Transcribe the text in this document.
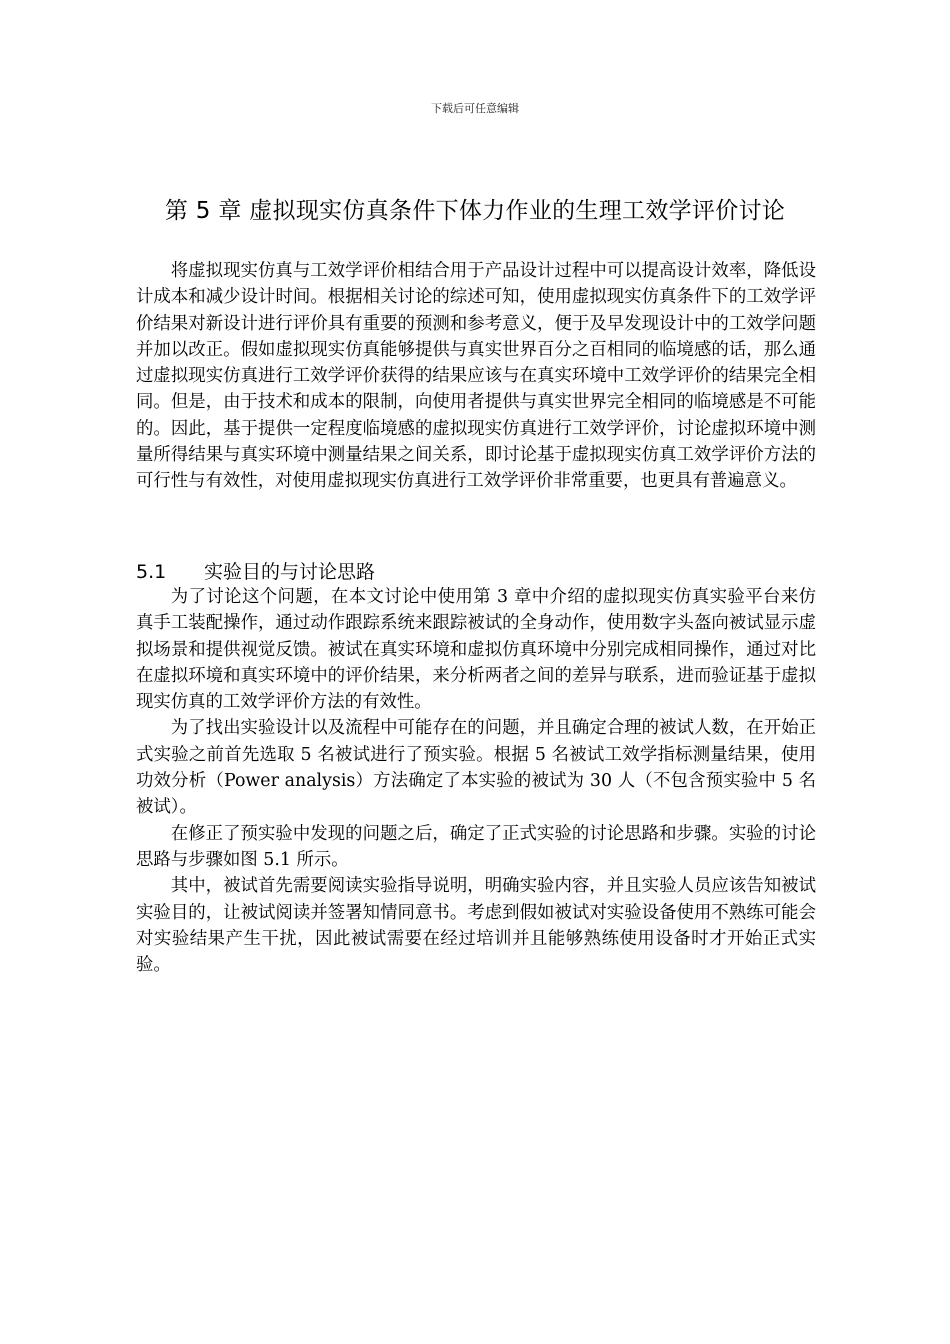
下载后可任意编辑
第 5 章 虚拟现实仿真条件下体力作业的生理工效学评价讨论

将虚拟现实仿真与工效学评价相结合用于产品设计过程中可以提高设计效率，降低设计成本和减少设计时间。根据相关讨论的综述可知，使用虚拟现实仿真条件下的工效学评价结果对新设计进行评价具有重要的预测和参考意义，便于及早发现设计中的工效学问题并加以改正。假如虚拟现实仿真能够提供与真实世界百分之百相同的临境感的话，那么通过虚拟现实仿真进行工效学评价获得的结果应该与在真实环境中工效学评价的结果完全相同。但是，由于技术和成本的限制，向使用者提供与真实世界完全相同的临境感是不可能的。因此，基于提供一定程度临境感的虚拟现实仿真进行工效学评价，讨论虚拟环境中测量所得结果与真实环境中测量结果之间关系，即讨论基于虚拟现实仿真工效学评价方法的可行性与有效性，对使用虚拟现实仿真进行工效学评价非常重要，也更具有普遍意义。

5.1 实验目的与讨论思路

为了讨论这个问题，在本文讨论中使用第 3 章中介绍的虚拟现实仿真实验平台来仿真手工装配操作，通过动作跟踪系统来跟踪被试的全身动作，使用数字头盔向被试显示虚拟场景和提供视觉反馈。被试在真实环境和虚拟仿真环境中分别完成相同操作，通过对比在虚拟环境和真实环境中的评价结果，来分析两者之间的差异与联系，进而验证基于虚拟现实仿真的工效学评价方法的有效性。

为了找出实验设计以及流程中可能存在的问题，并且确定合理的被试人数，在开始正式实验之前首先选取 5 名被试进行了预实验。根据 5 名被试工效学指标测量结果，使用功效分析（Power analysis）方法确定了本实验的被试为 30 人（不包含预实验中 5 名被试）。

在修正了预实验中发现的问题之后，确定了正式实验的讨论思路和步骤。实验的讨论思路与步骤如图 5.1 所示。

其中，被试首先需要阅读实验指导说明，明确实验内容，并且实验人员应该告知被试实验目的，让被试阅读并签署知情同意书。考虑到假如被试对实验设备使用不熟练可能会对实验结果产生干扰，因此被试需要在经过培训并且能够熟练使用设备时才开始正式实验。
